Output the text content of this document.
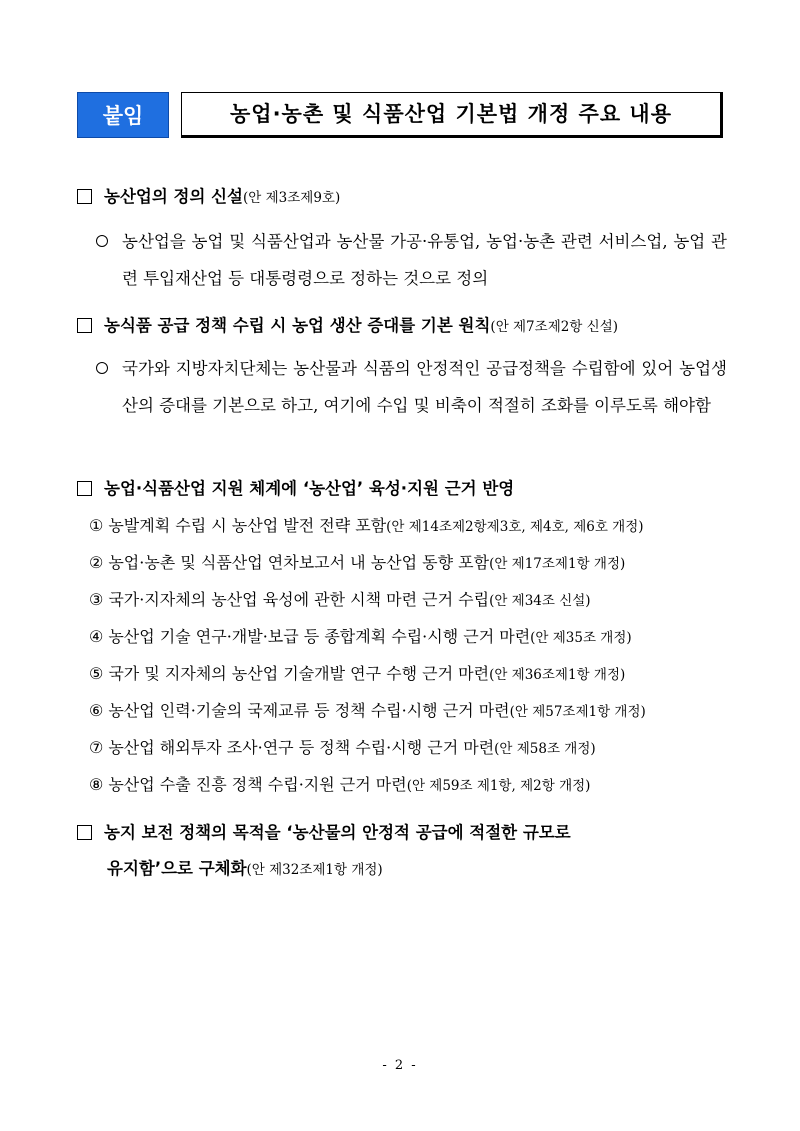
붙임	농업·농촌 및 식품산업 기본법 개정 주요 내용
농산업의 정의 신설(안 제3조제9호)
농산업을 농업 및 식품산업과 농산물 가공·유통업, 농업·농촌 관련 서비스업, 농업 관련 투입재산업 등 대통령령으로 정하는 것으로 정의
농식품 공급 정책 수립 시 농업 생산 증대를 기본 원칙(안 제7조제2항 신설)
국가와 지방자치단체는 농산물과 식품의 안정적인 공급정책을 수립함에 있어 농업생산의 증대를 기본으로 하고, 여기에 수입 및 비축이 적절히 조화를 이루도록 해야함
농업·식품산업 지원 체계에 ‘농산업’ 육성·지원 근거 반영
① 농발계획 수립 시 농산업 발전 전략 포함(안 제14조제2항제3호, 제4호, 제6호 개정)
② 농업·농촌 및 식품산업 연차보고서 내 농산업 동향 포함(안 제17조제1항 개정)
③ 국가·지자체의 농산업 육성에 관한 시책 마련 근거 수립(안 제34조 신설)
④ 농산업 기술 연구·개발·보급 등 종합계획 수립·시행 근거 마련(안 제35조 개정)
⑤ 국가 및 지자체의 농산업 기술개발 연구 수행 근거 마련(안 제36조제1항 개정)
⑥ 농산업 인력·기술의 국제교류 등 정책 수립·시행 근거 마련(안 제57조제1항 개정)
⑦ 농산업 해외투자 조사·연구 등 정책 수립·시행 근거 마련(안 제58조 개정)
⑧ 농산업 수출 진흥 정책 수립·지원 근거 마련(안 제59조 제1항, 제2항 개정)
농지 보전 정책의 목적을 ‘농산물의 안정적 공급에 적절한 규모로
유지함’으로 구체화(안 제32조제1항 개정)
- 2 -
